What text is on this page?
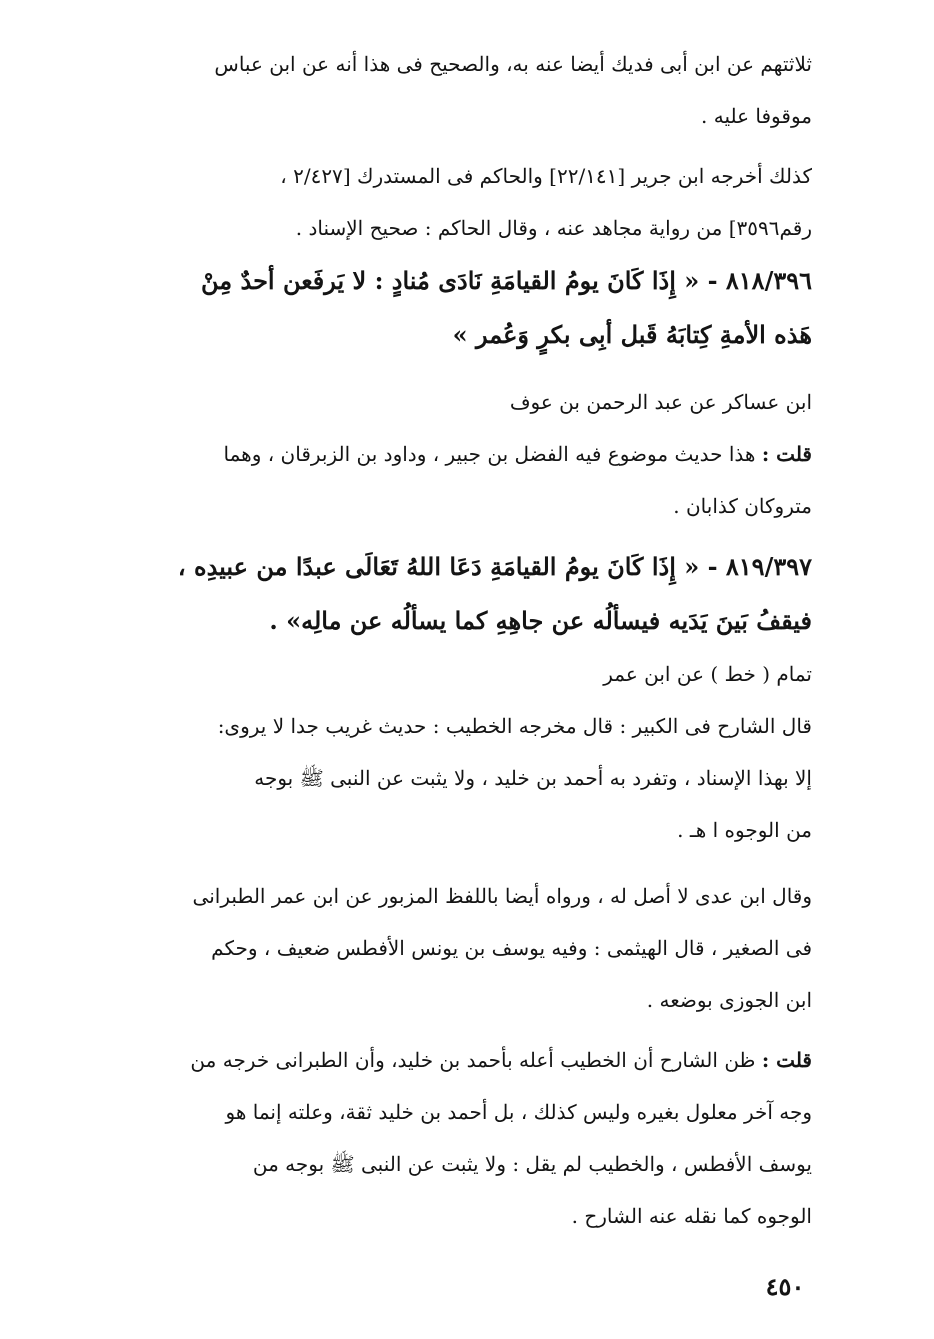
ثلاثتهم عن ابن أبى فديك أيضا عنه به، والصحيح فى هذا أنه عن ابن عباس
موقوفا عليه .
كذلك أخرجه ابن جرير [٢٢/١٤١] والحاكم فى المستدرك [٢/٤٢٧ ،
رقم٣٥٩٦] من رواية مجاهد عنه ، وقال الحاكم : صحيح الإسناد .
٨١٨/٣٩٦ - « إِذَا كَانَ يومُ القيامَةِ نَادَى مُنادٍ : لا يَرفَعن أحدٌ مِنْ
هَذه الأمةِ كِتابَهُ قَبل أبِى بكرٍ وَعُمر »
ابن عساكر عن عبد الرحمن بن عوف
قلت : هذا حديث موضوع فيه الفضل بن جبير ، وداود بن الزبرقان ، وهما
متروكان كذابان .
٨١٩/٣٩٧ - « إِذَا كَانَ يومُ القيامَةِ دَعَا اللهُ تَعَالَى عبدًا من عبيدِه ،
فيقفُ بَينَ يَدَيه فيسألُه عن جاهِهِ كما يسألُه عن مالِه» .
تمام ( خط ) عن ابن عمر
قال الشارح فى الكبير : قال مخرجه الخطيب : حديث غريب جدا لا يروى:
إلا بهذا الإسناد ، وتفرد به أحمد بن خليد ، ولا يثبت عن النبى ﷺ بوجه
من الوجوه ا هـ .
وقال ابن عدى لا أصل له ، ورواه أيضا باللفظ المزبور عن ابن عمر الطبرانى
فى الصغير ، قال الهيثمى : وفيه يوسف بن يونس الأفطس ضعيف ، وحكم
ابن الجوزى بوضعه .
قلت : ظن الشارح أن الخطيب أعله بأحمد بن خليد، وأن الطبرانى خرجه من
وجه آخر معلول بغيره وليس كذلك ، بل أحمد بن خليد ثقة، وعلته إنما هو
يوسف الأفطس ، والخطيب لم يقل : ولا يثبت عن النبى ﷺ بوجه من
الوجوه كما نقله عنه الشارح .
٤٥٠
